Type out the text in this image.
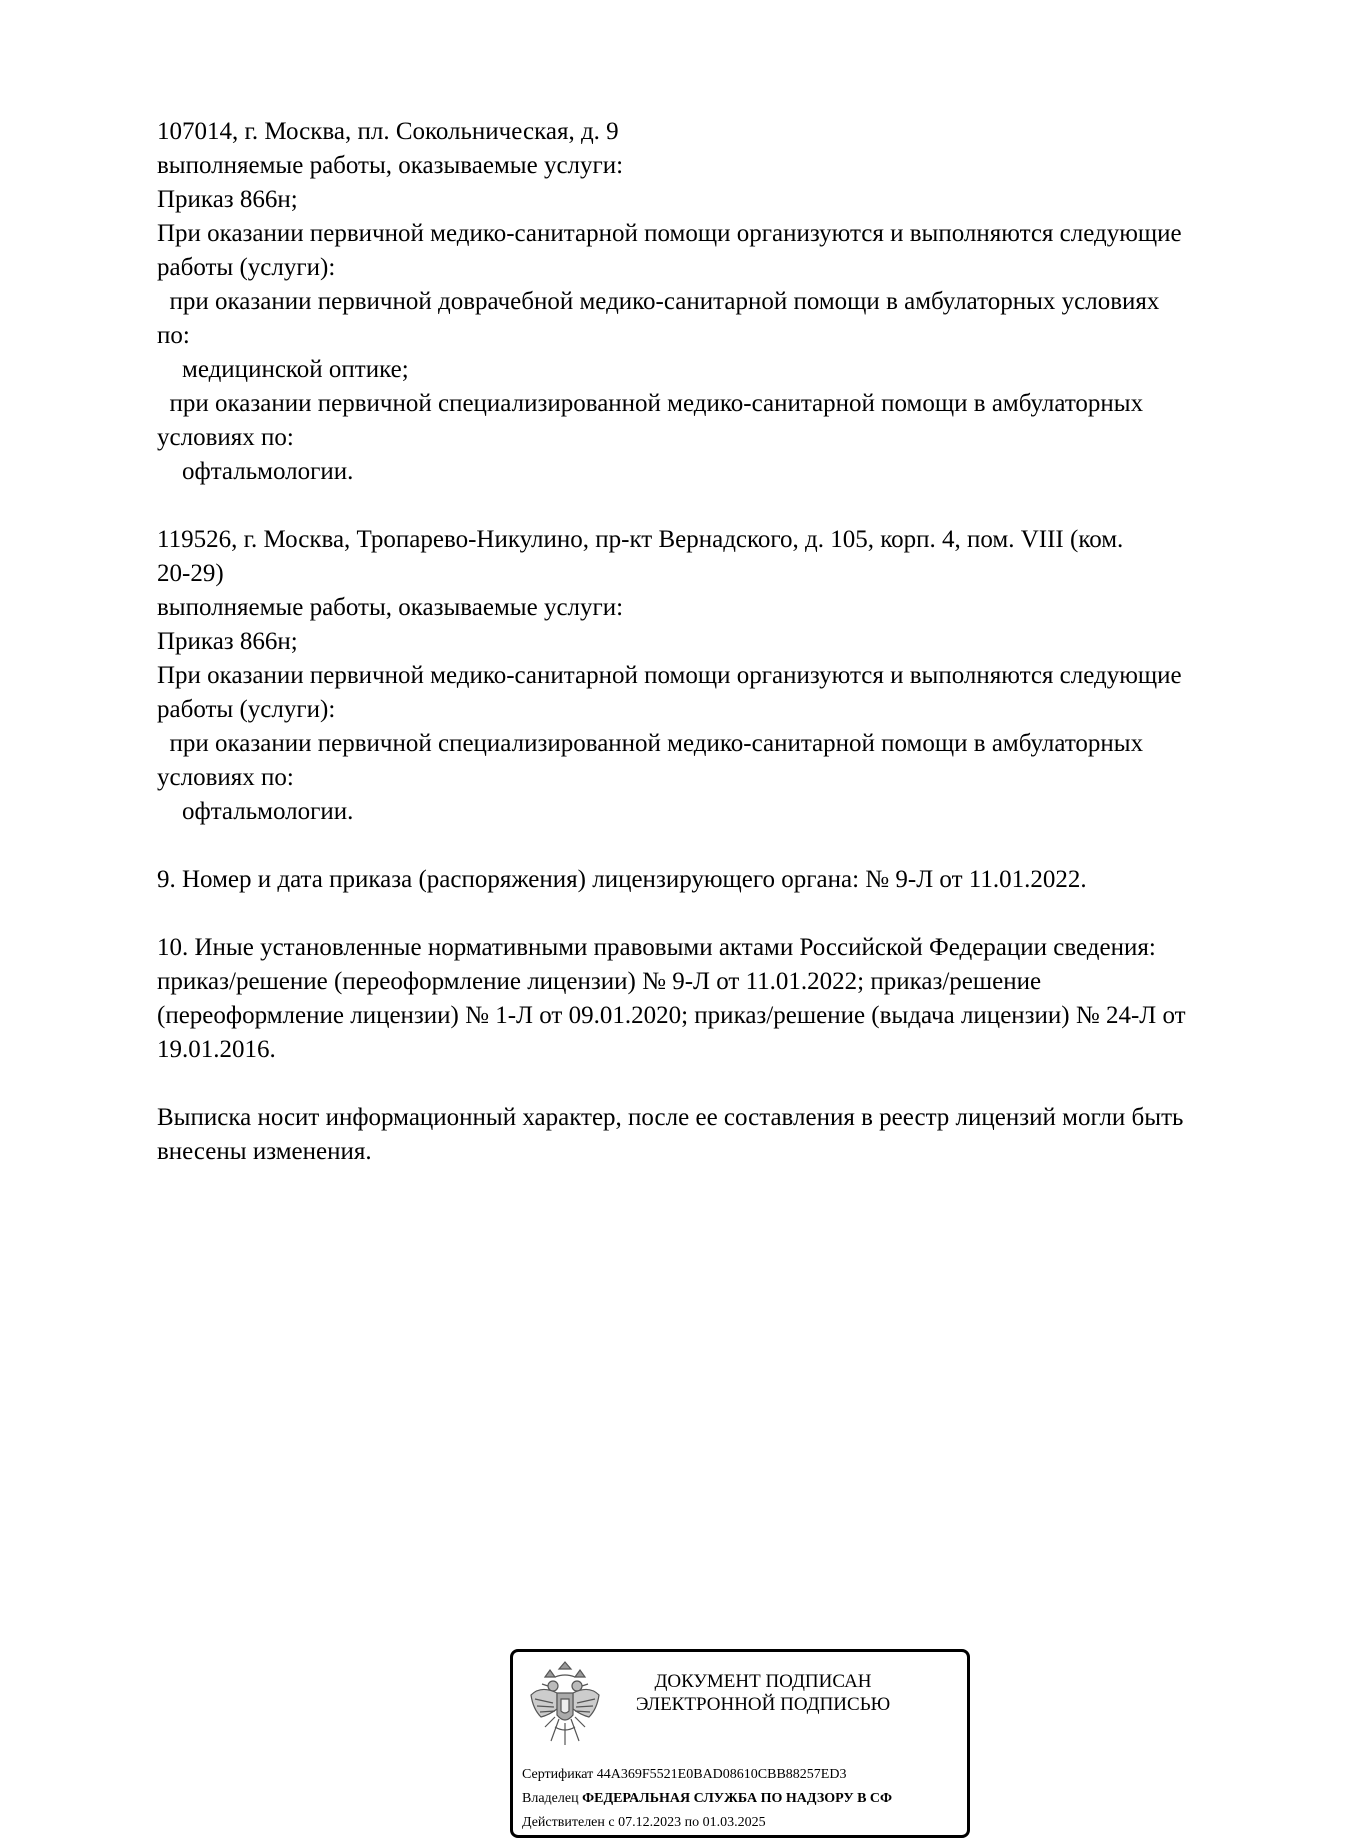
107014, г. Москва, пл. Сокольническая, д. 9
выполняемые работы, оказываемые услуги:
Приказ 866н;
При оказании первичной медико-санитарной помощи организуются и выполняются следующие
работы (услуги):
при оказании первичной доврачебной медико-санитарной помощи в амбулаторных условиях
по:
медицинской оптике;
при оказании первичной специализированной медико-санитарной помощи в амбулаторных
условиях по:
офтальмологии.
119526, г. Москва, Тропарево-Никулино, пр-кт Вернадского, д. 105, корп. 4, пом. VIII (ком.
20-29)
выполняемые работы, оказываемые услуги:
Приказ 866н;
При оказании первичной медико-санитарной помощи организуются и выполняются следующие
работы (услуги):
при оказании первичной специализированной медико-санитарной помощи в амбулаторных
условиях по:
офтальмологии.
9. Номер и дата приказа (распоряжения) лицензирующего органа: № 9-Л от 11.01.2022.
10. Иные установленные нормативными правовыми актами Российской Федерации сведения:
приказ/решение (переоформление лицензии) № 9-Л от 11.01.2022; приказ/решение
(переоформление лицензии) № 1-Л от 09.01.2020; приказ/решение (выдача лицензии) № 24-Л от
19.01.2016.
Выписка носит информационный характер, после ее составления в реестр лицензий могли быть
внесены изменения.
ДОКУМЕНТ ПОДПИСАН
ЭЛЕКТРОННОЙ ПОДПИСЬЮ
Сертификат 44A369F5521E0BAD08610CBB88257ED3
Владелец ФЕДЕРАЛЬНАЯ СЛУЖБА ПО НАДЗОРУ В СФ
Действителен с 07.12.2023 по 01.03.2025
